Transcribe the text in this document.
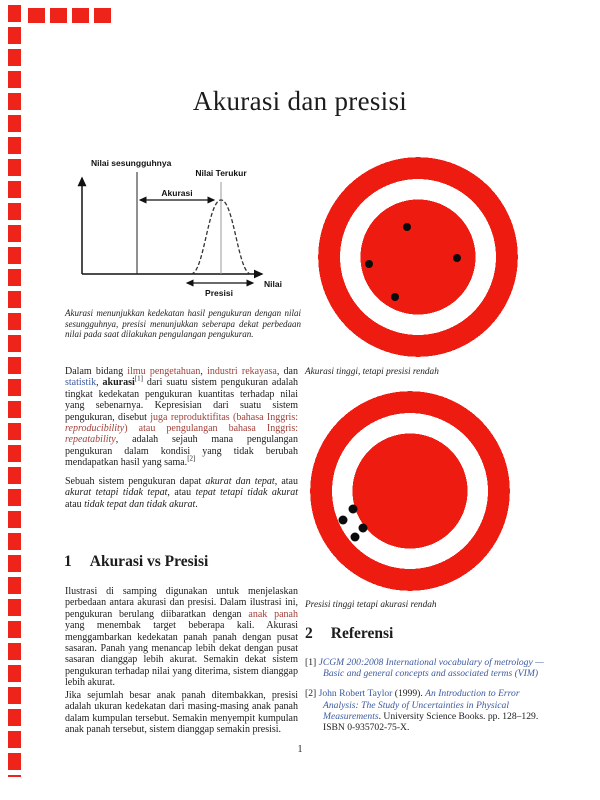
Akurasi dan presisi
Nilai sesungguhnya
Nilai Terukur
Akurasi
Nilai
Presisi
Akurasi menunjukkan kedekatan hasil pengukuran dengan nilai sesungguhnya, presisi menunjukkan seberapa dekat perbedaan nilai pada saat dilakukan pengulangan pengukuran.
Dalam bidang ilmu pengetahuan, industri rekayasa, dan statistik, akurasi[1] dari suatu sistem pengukuran adalah tingkat kedekatan pengukuran kuantitas terhadap nilai yang sebenarnya. Kepresisian dari suatu sistem pengukuran, disebut juga reproduktifitas (bahasa Inggris: reproducibility) atau pengulangan bahasa Inggris: repeatability, adalah sejauh mana pengulangan pengukuran dalam kondisi yang tidak berubah mendapatkan hasil yang sama.[2]
Sebuah sistem pengukuran dapat akurat dan tepat, atau akurat tetapi tidak tepat, atau tepat tetapi tidak akurat atau tidak tepat dan tidak akurat.
1 Akurasi vs Presisi
Ilustrasi di samping digunakan untuk menjelaskan perbedaan antara akurasi dan presisi. Dalam ilustrasi ini, pengukuran berulang diibaratkan dengan anak panah yang menembak target beberapa kali. Akurasi menggambarkan kedekatan panah panah dengan pusat sasaran. Panah yang menancap lebih dekat dengan pusat sasaran dianggap lebih akurat. Semakin dekat sistem pengukuran terhadap nilai yang diterima, sistem dianggap lebih akurat.
Jika sejumlah besar anak panah ditembakkan, presisi adalah ukuran kedekatan dari masing-masing anak panah dalam kumpulan tersebut. Semakin menyempit kumpulan anak panah tersebut, sistem dianggap semakin presisi.
Akurasi tinggi, tetapi presisi rendah
Presisi tinggi tetapi akurasi rendah
2 Referensi
[1] JCGM 200:2008 International vocabulary of metrology — Basic and general concepts and associated terms (VIM)
[2] John Robert Taylor (1999). An Introduction to Error Analysis: The Study of Uncertainties in Physical Measurements. University Science Books. pp. 128–129. ISBN 0-935702-75-X.
1
